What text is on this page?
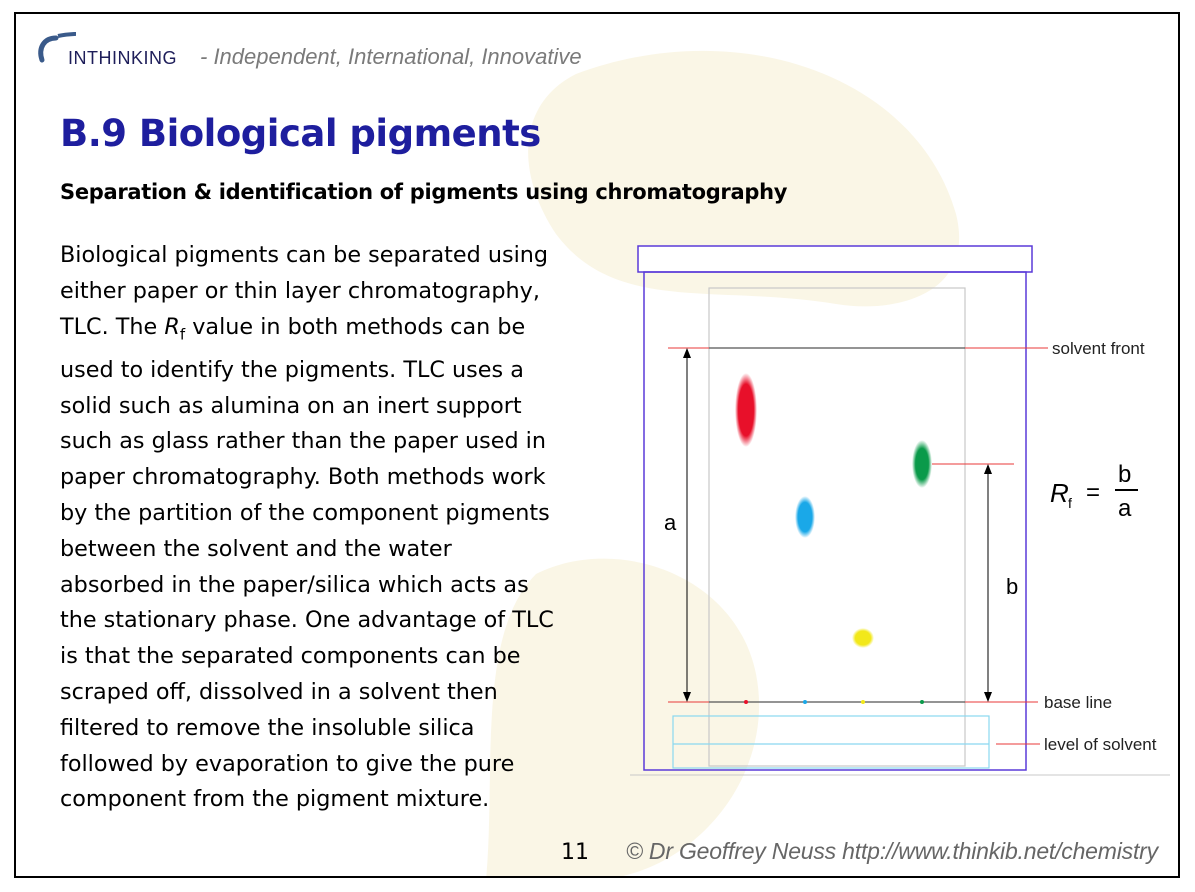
INTHINKING - Independent, International, Innovative
B.9 Biological pigments
Separation & identification of pigments using chromatography
Biological pigments can be separated using
either paper or thin layer chromatography,
TLC. The $R_f$ value in both methods can be
used to identify the pigments. TLC uses a
solid such as alumina on an inert support
such as glass rather than the paper used in
paper chromatography. Both methods work
by the partition of the component pigments
between the solvent and the water
absorbed in the paper/silica which acts as
the stationary phase. One advantage of TLC
is that the separated components can be
scraped off, dissolved in a solvent then
filtered to remove the insoluble silica
followed by evaporation to give the pure
component from the pigment mixture.
solvent front
base line
level of solvent
a
b
R f =
b
a
11 © Dr Geoffrey Neuss http://www.thinkib.net/chemistry
